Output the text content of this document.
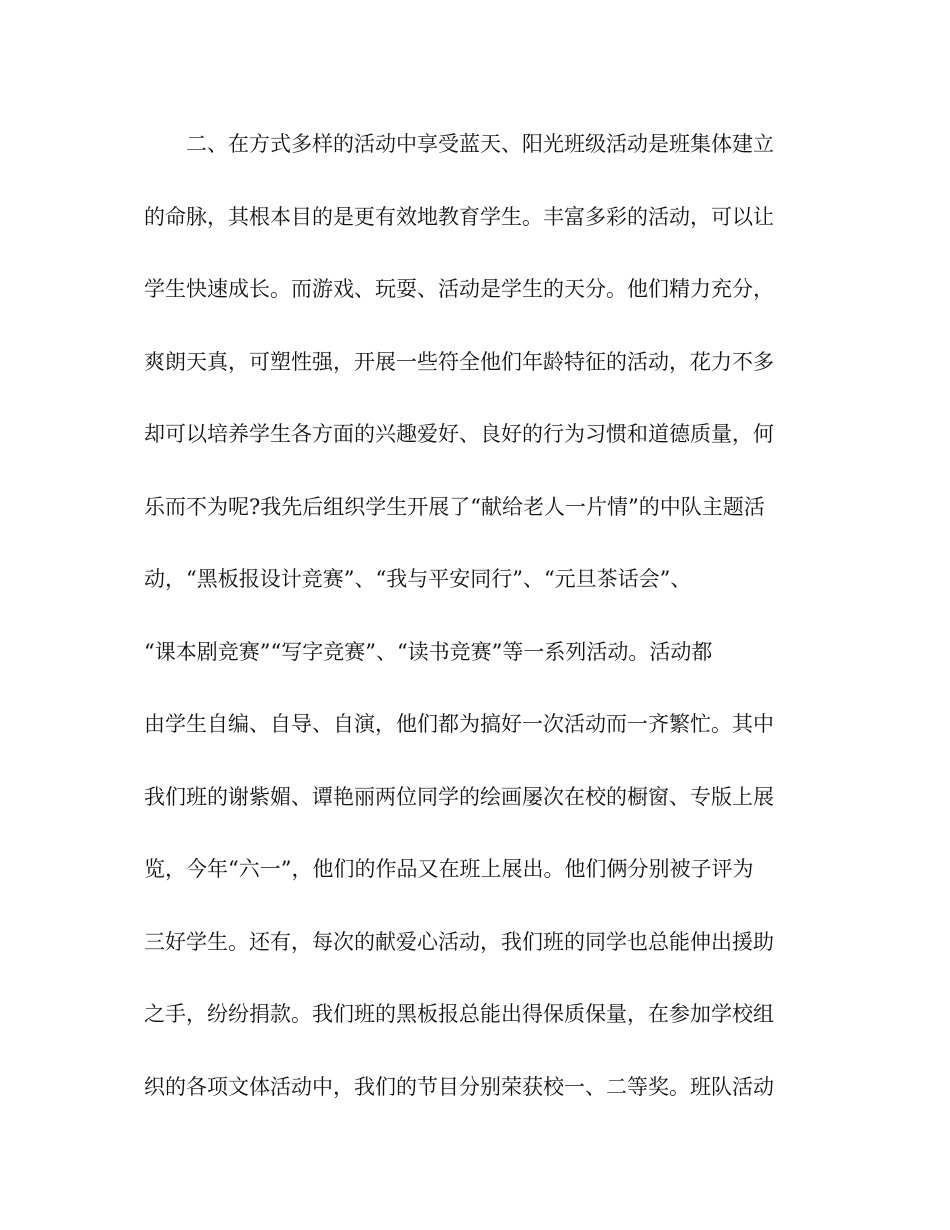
　　二、在方式多样的活动中享受蓝天、阳光班级活动是班集体建立
的命脉，其根本目的是更有效地教育学生。丰富多彩的活动，可以让
学生快速成长。而游戏、玩耍、活动是学生的天分。他们精力充分，
爽朗天真，可塑性强，开展一些符全他们年龄特征的活动，花力不多
却可以培养学生各方面的兴趣爱好、良好的行为习惯和道德质量，何
乐而不为呢?我先后组织学生开展了“献给老人一片情”的中队主题活
动，“黑板报设计竞赛”、“我与平安同行”、“元旦茶话会”、
“课本剧竞赛”“写字竞赛”、“读书竞赛”等一系列活动。活动都
由学生自编、自导、自演，他们都为搞好一次活动而一齐繁忙。其中
我们班的谢紫媚、谭艳丽两位同学的绘画屡次在校的橱窗、专版上展
览，今年“六一”，他们的作品又在班上展出。他们俩分别被子评为
三好学生。还有，每次的献爱心活动，我们班的同学也总能伸出援助
之手，纷纷捐款。我们班的黑板报总能出得保质保量，在参加学校组
织的各项文体活动中，我们的节目分别荣获校一、二等奖。班队活动
